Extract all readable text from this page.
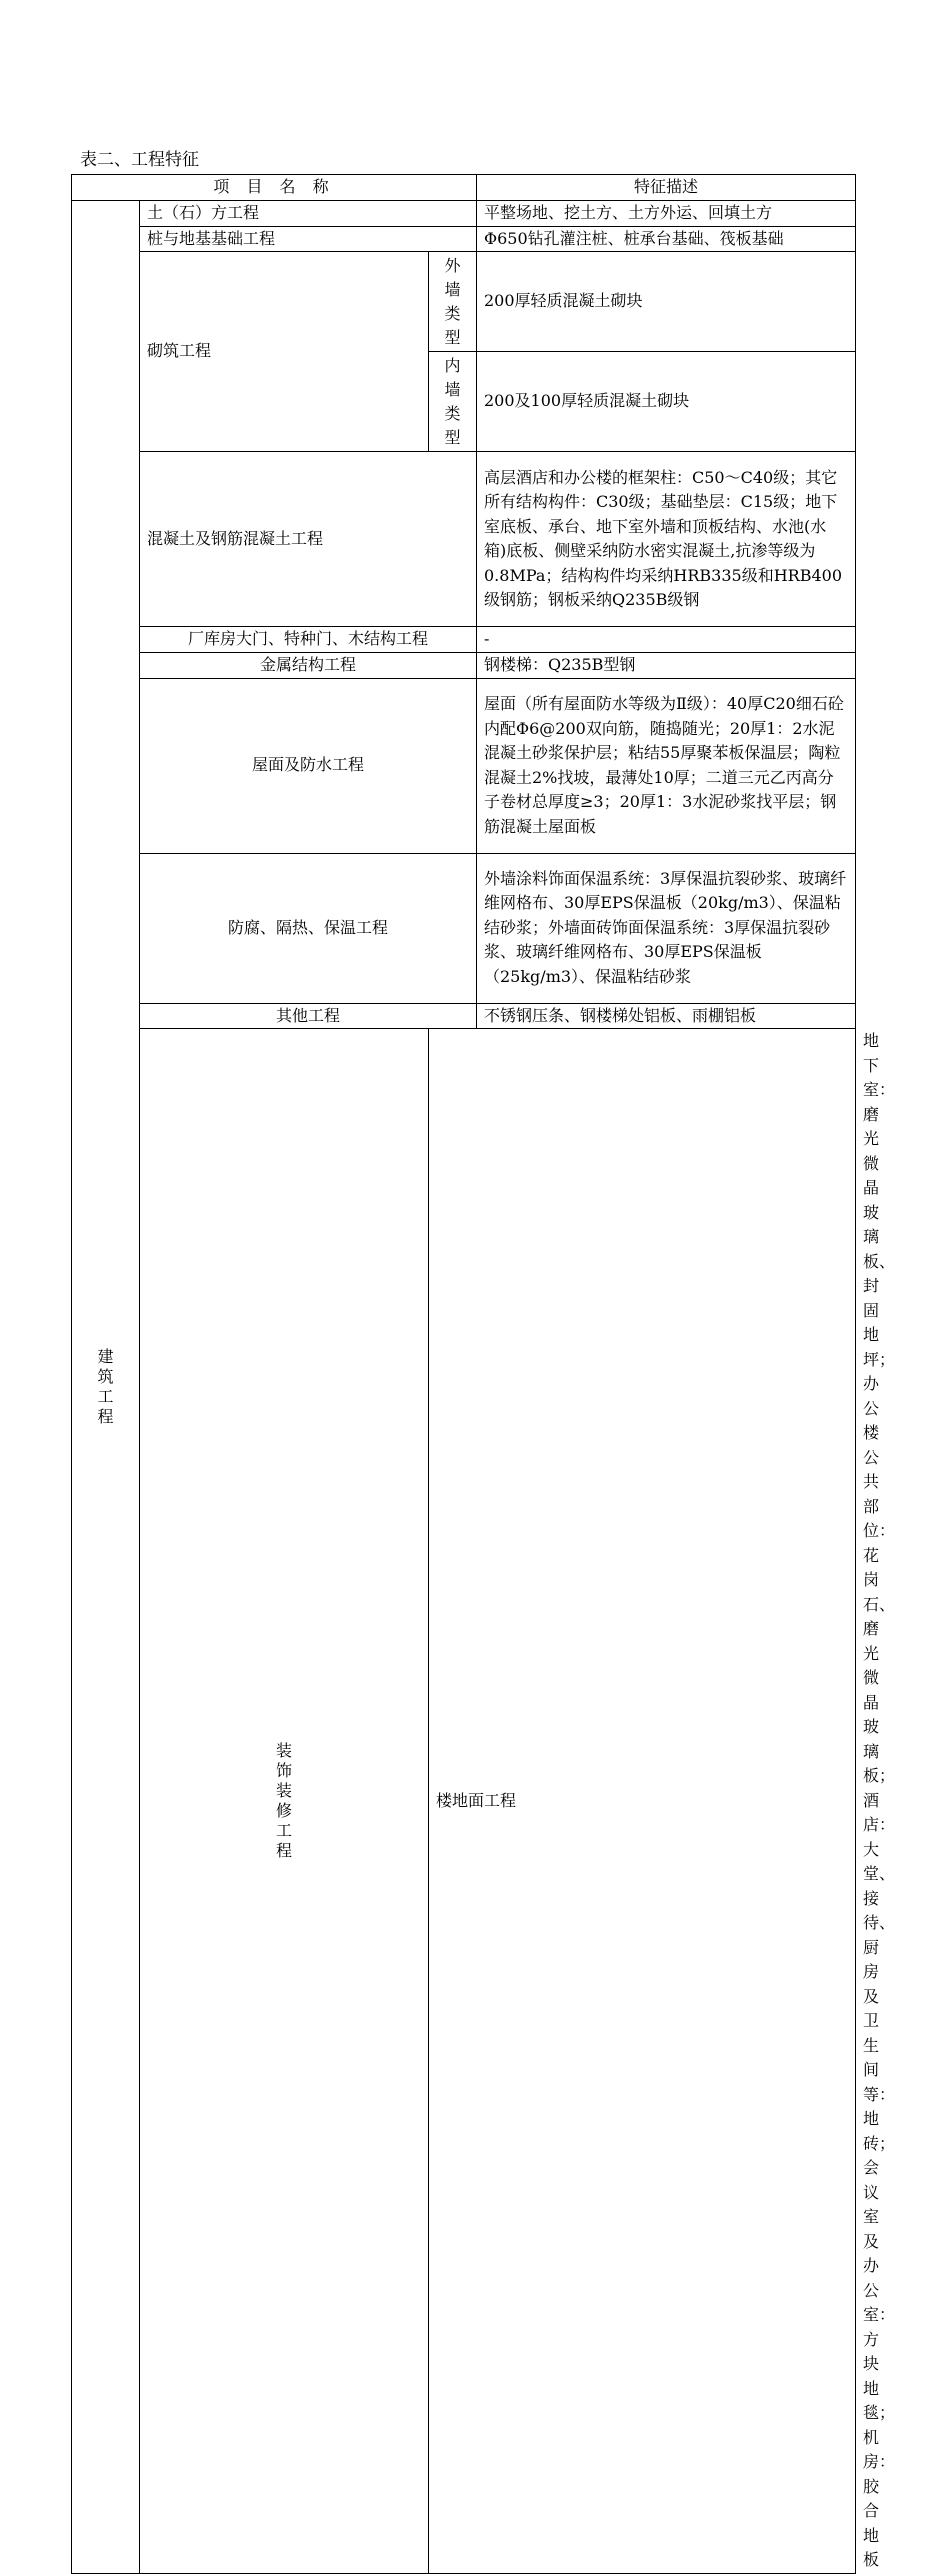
表二、工程特征
项 目 名 称			特征描述	

建筑工程	土（石）方工程		平整场地、挖土方、土方外运、回填土方	
	桩与地基基础工程		Φ650钻孔灌注桩、桩承台基础、筏板基础	
	砌筑工程	外墙类型	200厚轻质混凝土砌块	

		内墙类型	200及100厚轻质混凝土砌块	
	混凝土及钢筋混凝土工程		高层酒店和办公楼的框架柱：C50～C40级；其它所有结构构件：C30级；基础垫层：C15级；地下室底板、承台、地下室外墙和顶板结构、水池(水箱)底板、侧壁采纳防水密实混凝土,抗渗等级为0.8MPa；结构构件均采纳HRB335级和HRB400级钢筋；钢板采纳Q235B级钢	
	厂库房大门、特种门、木结构工程		-	
	金属结构工程		钢楼梯：Q235B型钢	
	屋面及防水工程		屋面（所有屋面防水等级为Ⅱ级）：40厚C20细石砼内配Φ6@200双向筋，随捣随光；20厚1：2水泥混凝土砂浆保护层；粘结55厚聚苯板保温层；陶粒混凝土2%找坡，最薄处10厚；二道三元乙丙高分子卷材总厚度≥3；20厚1：3水泥砂浆找平层；钢筋混凝土屋面板	
	防腐、隔热、保温工程		外墙涂料饰面保温系统：3厚保温抗裂砂浆、玻璃纤维网格布、30厚EPS保温板（20kg/m3）、保温粘结砂浆；外墙面砖饰面保温系统：3厚保温抗裂砂浆、玻璃纤维网格布、30厚EPS保温板（25kg/m3）、保温粘结砂浆	
	其他工程		不锈钢压条、钢楼梯处铝板、雨棚铝板	

	装饰装修工程	楼地面工程		地下室：磨光微晶玻璃板、封固地坪；办公楼公共部位：花岗石、磨光微晶玻璃板；酒店：大堂、接待、厨房及卫生间等：地砖；会议室及办公室：方块地毯；机房：胶合地板
